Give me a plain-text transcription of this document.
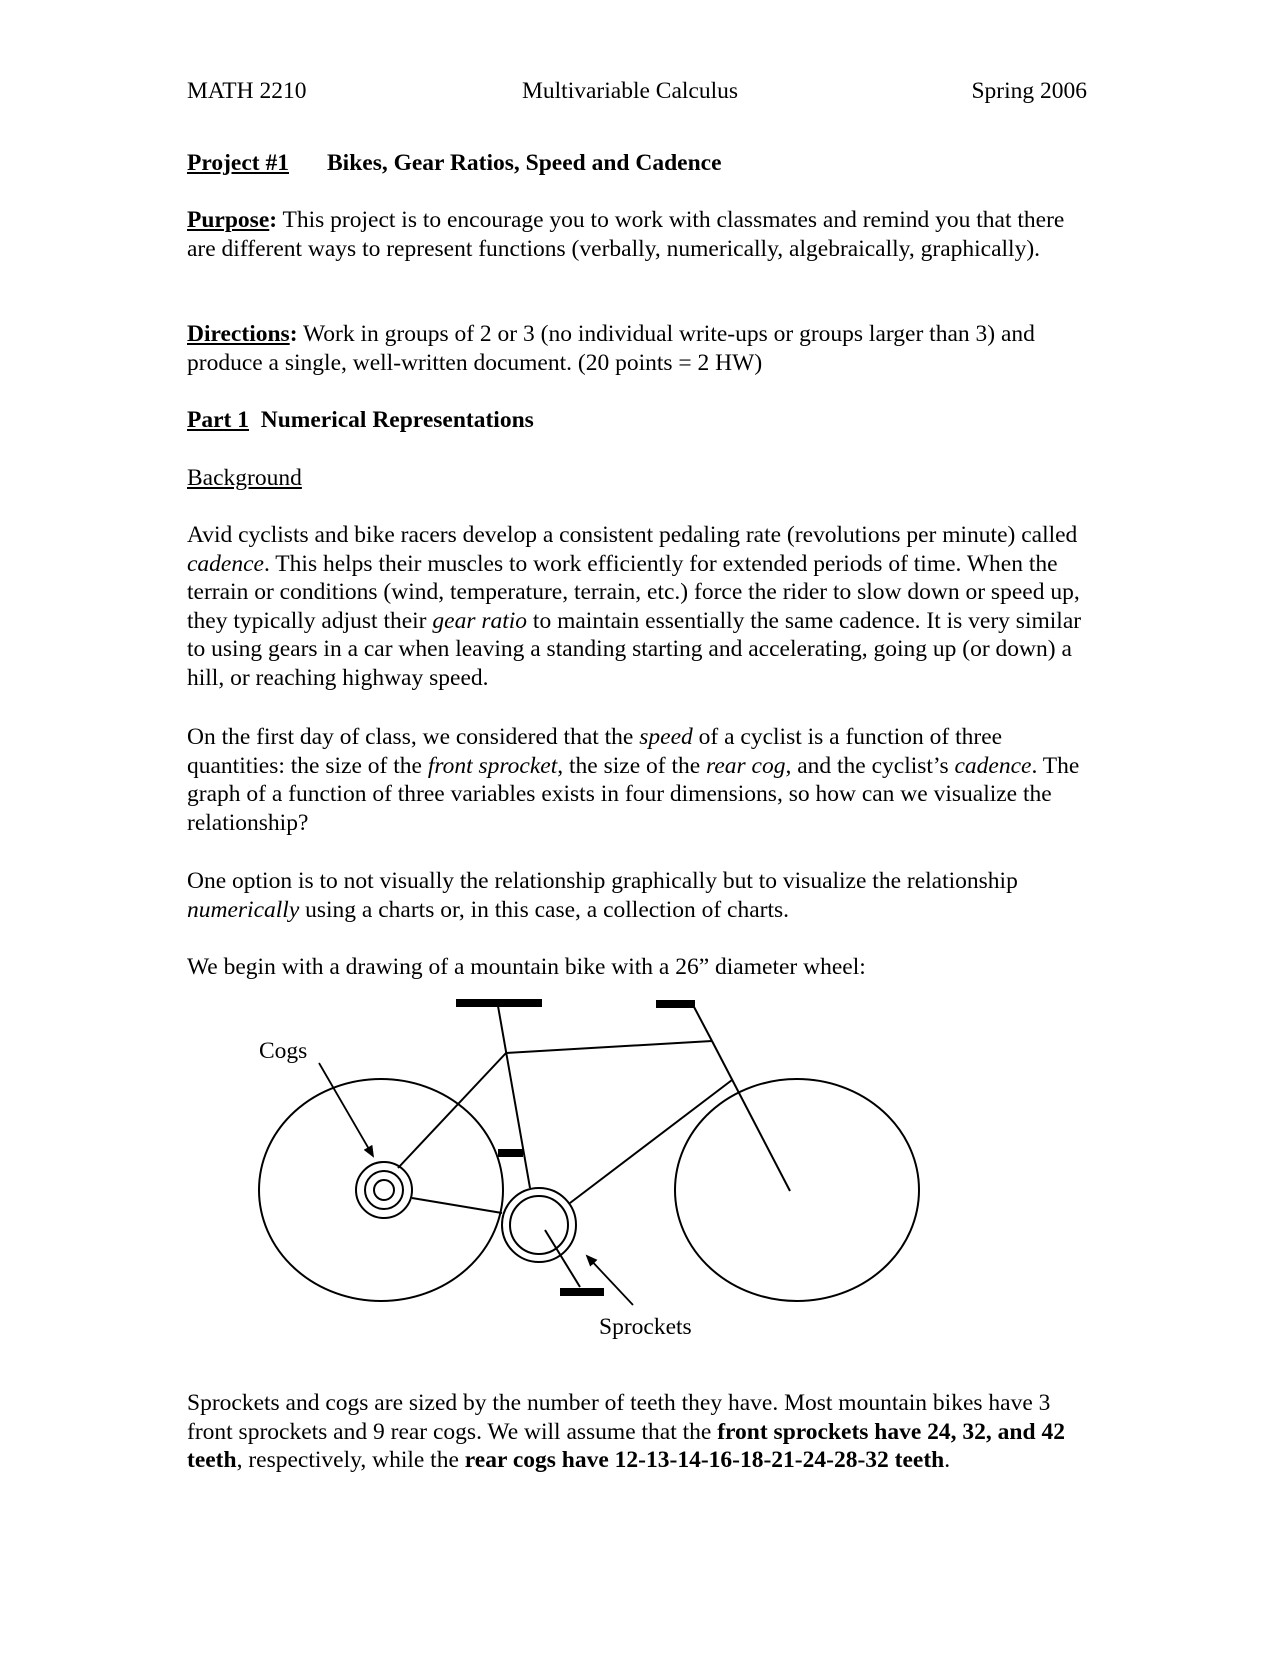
MATH 2210	Multivariable Calculus	Spring 2006
Project #1 Bikes, Gear Ratios, Speed and Cadence
Purpose: This project is to encourage you to work with classmates and remind you that there are different ways to represent functions (verbally, numerically, algebraically, graphically).
Directions: Work in groups of 2 or 3 (no individual write-ups or groups larger than 3) and produce a single, well-written document. (20 points = 2 HW)
Part 1 Numerical Representations
Background
Avid cyclists and bike racers develop a consistent pedaling rate (revolutions per minute) called cadence. This helps their muscles to work efficiently for extended periods of time. When the terrain or conditions (wind, temperature, terrain, etc.) force the rider to slow down or speed up, they typically adjust their gear ratio to maintain essentially the same cadence. It is very similar to using gears in a car when leaving a standing starting and accelerating, going up (or down) a hill, or reaching highway speed.
On the first day of class, we considered that the speed of a cyclist is a function of three quantities: the size of the front sprocket, the size of the rear cog, and the cyclist’s cadence. The graph of a function of three variables exists in four dimensions, so how can we visualize the relationship?
One option is to not visually the relationship graphically but to visualize the relationship numerically using a charts or, in this case, a collection of charts.
We begin with a drawing of a mountain bike with a 26” diameter wheel:
Cogs
Sprockets
Sprockets and cogs are sized by the number of teeth they have. Most mountain bikes have 3 front sprockets and 9 rear cogs. We will assume that the front sprockets have 24, 32, and 42 teeth, respectively, while the rear cogs have 12-13-14-16-18-21-24-28-32 teeth.
